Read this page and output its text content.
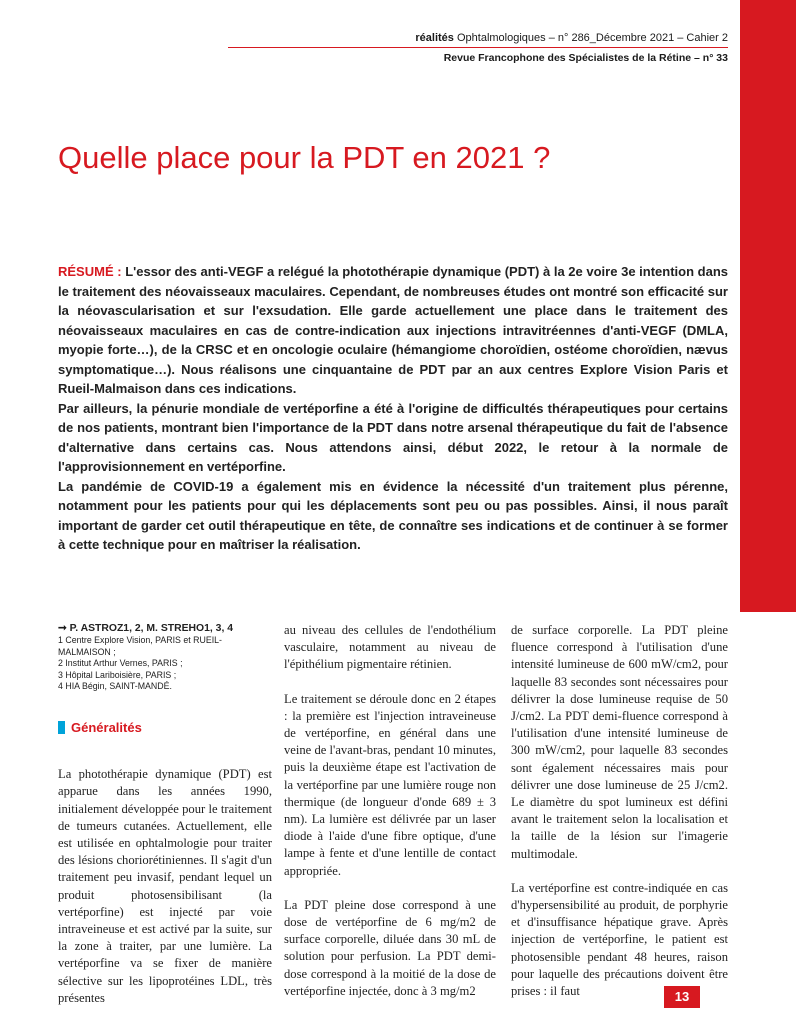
réalités Ophtalmologiques – n° 286_Décembre 2021 – Cahier 2
Revue Francophone des Spécialistes de la Rétine – n° 33
Quelle place pour la PDT en 2021 ?

RÉSUMÉ : L'essor des anti-VEGF a relégué la photothérapie dynamique (PDT) à la 2e voire 3e intention dans le traitement des néovaisseaux maculaires. Cependant, de nombreuses études ont montré son efficacité sur la néovascularisation et sur l'exsudation. Elle garde actuellement une place dans le traitement des néovaisseaux maculaires en cas de contre-indication aux injections intravitréennes d'anti-VEGF (DMLA, myopie forte…), de la CRSC et en oncologie oculaire (hémangiome choroïdien, ostéome choroïdien, nævus symptomatique…). Nous réalisons une cinquantaine de PDT par an aux centres Explore Vision Paris et Rueil-Malmaison dans ces indications.

Par ailleurs, la pénurie mondiale de vertéporfine a été à l'origine de difficultés thérapeutiques pour certains de nos patients, montrant bien l'importance de la PDT dans notre arsenal thérapeutique du fait de l'absence d'alternative dans certains cas. Nous attendons ainsi, début 2022, le retour à la normale de l'approvisionnement en vertéporfine.

La pandémie de COVID-19 a également mis en évidence la nécessité d'un traitement plus pérenne, notamment pour les patients pour qui les déplacements sont peu ou pas possibles. Ainsi, il nous paraît important de garder cet outil thérapeutique en tête, de connaître ses indications et de continuer à se former à cette technique pour en maîtriser la réalisation.

➞ P. ASTROZ1, 2, M. STREHO1, 3, 4
1 Centre Explore Vision, PARIS et RUEIL-MALMAISON ;
2 Institut Arthur Vernes, PARIS ;
3 Hôpital Lariboisière, PARIS ;
4 HIA Bégin, SAINT-MANDÉ.
Généralités

La photothérapie dynamique (PDT) est apparue dans les années 1990, initialement développée pour le traitement de tumeurs cutanées. Actuellement, elle est utilisée en ophtalmologie pour traiter des lésions choriorétiniennes. Il s'agit d'un traitement peu invasif, pendant lequel un produit photosensibilisant (la vertéporfine) est injecté par voie intraveineuse et est activé par la suite, sur la zone à traiter, par une lumière. La vertéporfine va se fixer de manière sélective sur les lipoprotéines LDL, très présentes

au niveau des cellules de l'endothélium vasculaire, notamment au niveau de l'épithélium pigmentaire rétinien.

Le traitement se déroule donc en 2 étapes : la première est l'injection intraveineuse de vertéporfine, en général dans une veine de l'avant-bras, pendant 10 minutes, puis la deuxième étape est l'activation de la vertéporfine par une lumière rouge non thermique (de longueur d'onde 689 ± 3 nm). La lumière est délivrée par un laser diode à l'aide d'une fibre optique, d'une lampe à fente et d'une lentille de contact appropriée.

La PDT pleine dose correspond à une dose de vertéporfine de 6 mg/m2 de surface corporelle, diluée dans 30 mL de solution pour perfusion. La PDT demi-dose correspond à la moitié de la dose de vertéporfine injectée, donc à 3 mg/m2

de surface corporelle. La PDT pleine fluence correspond à l'utilisation d'une intensité lumineuse de 600 mW/cm2, pour laquelle 83 secondes sont nécessaires pour délivrer la dose lumineuse requise de 50 J/cm2. La PDT demi-fluence correspond à l'utilisation d'une intensité lumineuse de 300 mW/cm2, pour laquelle 83 secondes sont également nécessaires mais pour délivrer une dose lumineuse de 25 J/cm2. Le diamètre du spot lumineux est défini avant le traitement selon la localisation et la taille de la lésion sur l'imagerie multimodale.

La vertéporfine est contre-indiquée en cas d'hypersensibilité au produit, de porphyrie et d'insuffisance hépatique grave. Après injection de vertéporfine, le patient est photosensible pendant 48 heures, raison pour laquelle des précautions doivent être prises : il faut	13
